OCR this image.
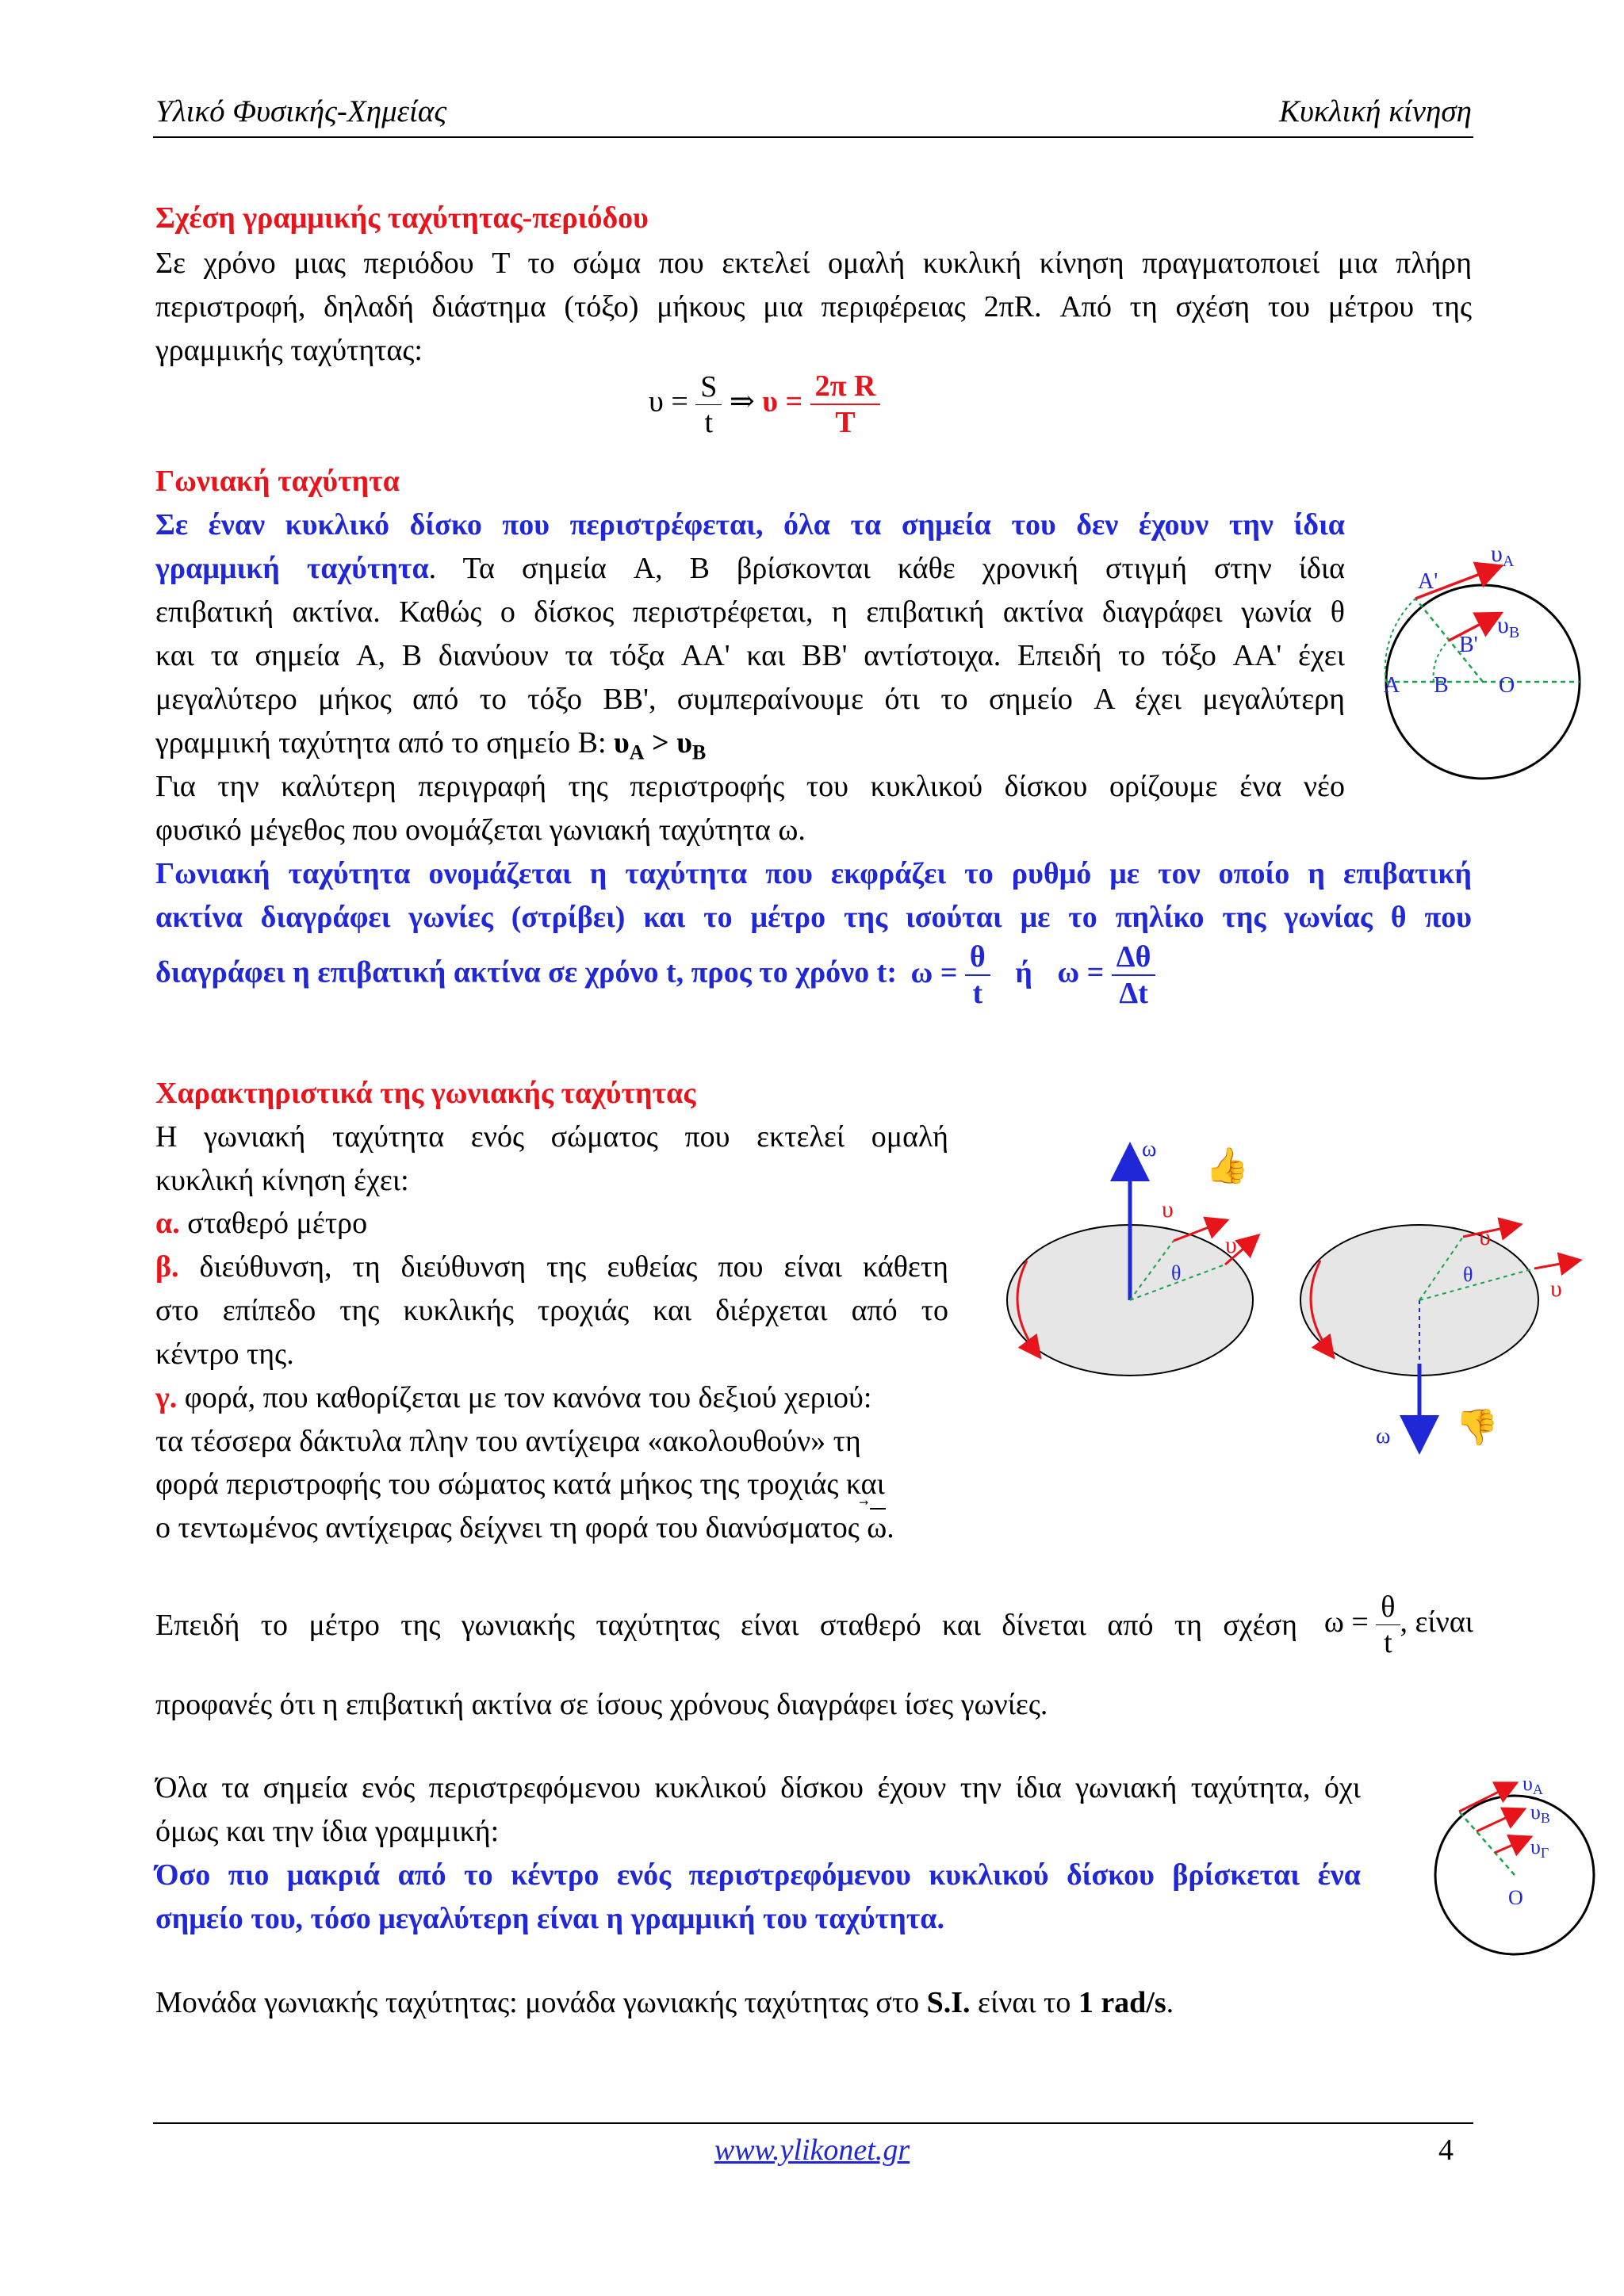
Υλικό Φυσικής-Χημείας	Κυκλική κίνηση
Σχέση γραμμικής ταχύτητας-περιόδου
Σε χρόνο μιας περιόδου T το σώμα που εκτελεί ομαλή κυκλική κίνηση πραγματοποιεί μια πλήρη
περιστροφή, δηλαδή διάστημα (τόξο) μήκους μια περιφέρειας 2πR. Από τη σχέση του μέτρου της
γραμμικής ταχύτητας:
$\upsilon = \frac{S}{t}$ ⇒ $\upsilon = \frac{\text{2π R}}{T}$
Γωνιακή ταχύτητα
Σε έναν κυκλικό δίσκο που περιστρέφεται, όλα τα σημεία του δεν έχουν την ίδια
γραμμική ταχύτητα. Τα σημεία A, B βρίσκονται κάθε χρονική στιγμή στην ίδια
επιβατική ακτίνα. Καθώς ο δίσκος περιστρέφεται, η επιβατική ακτίνα διαγράφει γωνία θ
και τα σημεία A, B διανύουν τα τόξα AA' και BB' αντίστοιχα. Επειδή το τόξο AA' έχει
μεγαλύτερο μήκος από το τόξο BB', συμπεραίνουμε ότι το σημείο A έχει μεγαλύτερη
γραμμική ταχύτητα από το σημείο B: $\upsilon_A > \upsilon_B$
Για την καλύτερη περιγραφή της περιστροφής του κυκλικού δίσκου ορίζουμε ένα νέο
φυσικό μέγεθος που ονομάζεται γωνιακή ταχύτητα ω.
Γωνιακή ταχύτητα ονομάζεται η ταχύτητα που εκφράζει το ρυθμό με τον οποίο η επιβατική
ακτίνα διαγράφει γωνίες (στρίβει) και το μέτρο της ισούται με το πηλίκο της γωνίας θ που
διαγράφει η επιβατική ακτίνα σε χρόνο t, προς το χρόνο t: $\omega = \frac{\theta}{t}$ ή $\omega = \frac{\Delta\theta}{\Delta t}$
A'
$\upsilon_A$
$\upsilon_B$
B'
A B O
Χαρακτηριστικά της γωνιακής ταχύτητας
Η γωνιακή ταχύτητα ενός σώματος που εκτελεί ομαλή
κυκλική κίνηση έχει:
α. σταθερό μέτρο
β. διεύθυνση, τη διεύθυνση της ευθείας που είναι κάθετη
στο επίπεδο της κυκλικής τροχιάς και διέρχεται από το
κέντρο της.
γ. φορά, που καθορίζεται με τον κανόνα του δεξιού χεριού:
τα τέσσερα δάκτυλα πλην του αντίχειρα «ακολουθούν» τη
φορά περιστροφής του σώματος κατά μήκος της τροχιάς και
ο τεντωμένος αντίχειρας δείχνει τη φορά του διανύσματος ω.
ω
υ
υ
θ
👍
υ
υ
θ
ω 👎
Επειδή το μέτρο της γωνιακής ταχύτητας είναι σταθερό και δίνεται από τη σχέση $\omega = \frac{\theta}{t}$ , είναι
προφανές ότι η επιβατική ακτίνα σε ίσους χρόνους διαγράφει ίσες γωνίες.
Όλα τα σημεία ενός περιστρεφόμενου κυκλικού δίσκου έχουν την ίδια γωνιακή ταχύτητα, όχι
όμως και την ίδια γραμμική:
Όσο πιο μακριά από το κέντρο ενός περιστρεφόμενου κυκλικού δίσκου βρίσκεται ένα
σημείο του, τόσο μεγαλύτερη είναι η γραμμική του ταχύτητα.
υA
υB
υΓ
O
Μονάδα γωνιακής ταχύτητας: μονάδα γωνιακής ταχύτητας στο S.I. είναι το 1 rad/s.
www.ylikonet.gr	4
